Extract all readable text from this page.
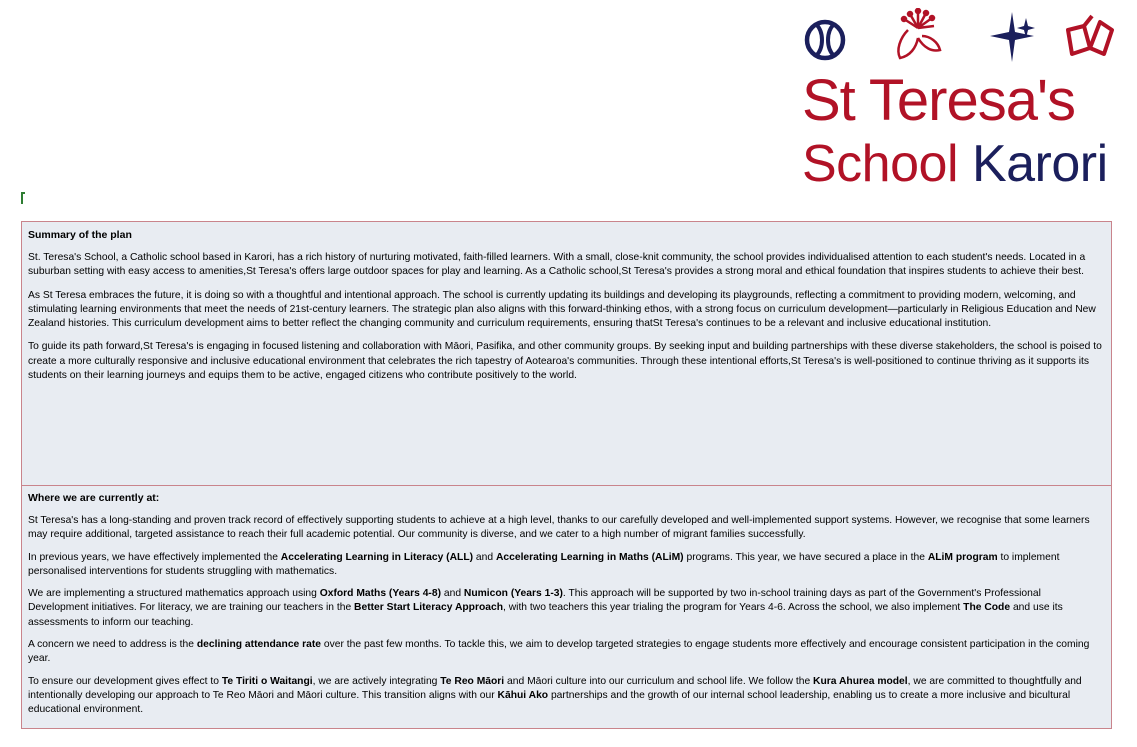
St Teresa's
School Karori
Summary of the plan

St. Teresa's School, a Catholic school based in Karori, has a rich history of nurturing motivated, faith-filled learners. With a small, close-knit community, the school provides individualised attention to each student's needs. Located in a suburban setting with easy access to amenities,St Teresa's offers large outdoor spaces for play and learning. As a Catholic school,St Teresa's provides a strong moral and ethical foundation that inspires students to achieve their best.

As St Teresa embraces the future, it is doing so with a thoughtful and intentional approach. The school is currently updating its buildings and developing its playgrounds, reflecting a commitment to providing modern, welcoming, and stimulating learning environments that meet the needs of 21st-century learners. The strategic plan also aligns with this forward-thinking ethos, with a strong focus on curriculum development—particularly in Religious Education and New Zealand histories. This curriculum development aims to better reflect the changing community and curriculum requirements, ensuring thatSt Teresa's continues to be a relevant and inclusive educational institution.

To guide its path forward,St Teresa's is engaging in focused listening and collaboration with Māori, Pasifika, and other community groups. By seeking input and building partnerships with these diverse stakeholders, the school is poised to create a more culturally responsive and inclusive educational environment that celebrates the rich tapestry of Aotearoa's communities. Through these intentional efforts,St Teresa's is well-positioned to continue thriving as it supports its students on their learning journeys and equips them to be active, engaged citizens who contribute positively to the world.

Where we are currently at:

St Teresa's has a long-standing and proven track record of effectively supporting students to achieve at a high level, thanks to our carefully developed and well-implemented support systems. However, we recognise that some learners may require additional, targeted assistance to reach their full academic potential. Our community is diverse, and we cater to a high number of migrant families successfully.

In previous years, we have effectively implemented the Accelerating Learning in Literacy (ALL) and Accelerating Learning in Maths (ALiM) programs. This year, we have secured a place in the ALiM program to implement personalised interventions for students struggling with mathematics.

We are implementing a structured mathematics approach using Oxford Maths (Years 4-8) and Numicon (Years 1-3). This approach will be supported by two in-school training days as part of the Government's Professional Development initiatives. For literacy, we are training our teachers in the Better Start Literacy Approach, with two teachers this year trialing the program for Years 4-6. Across the school, we also implement The Code and use its assessments to inform our teaching.

A concern we need to address is the declining attendance rate over the past few months. To tackle this, we aim to develop targeted strategies to engage students more effectively and encourage consistent participation in the coming year.

To ensure our development gives effect to Te Tiriti o Waitangi, we are actively integrating Te Reo Māori and Māori culture into our curriculum and school life. We follow the Kura Ahurea model, we are committed to thoughtfully and intentionally developing our approach to Te Reo Māori and Māori culture. This transition aligns with our Kāhui Ako partnerships and the growth of our internal school leadership, enabling us to create a more inclusive and bicultural educational environment.
